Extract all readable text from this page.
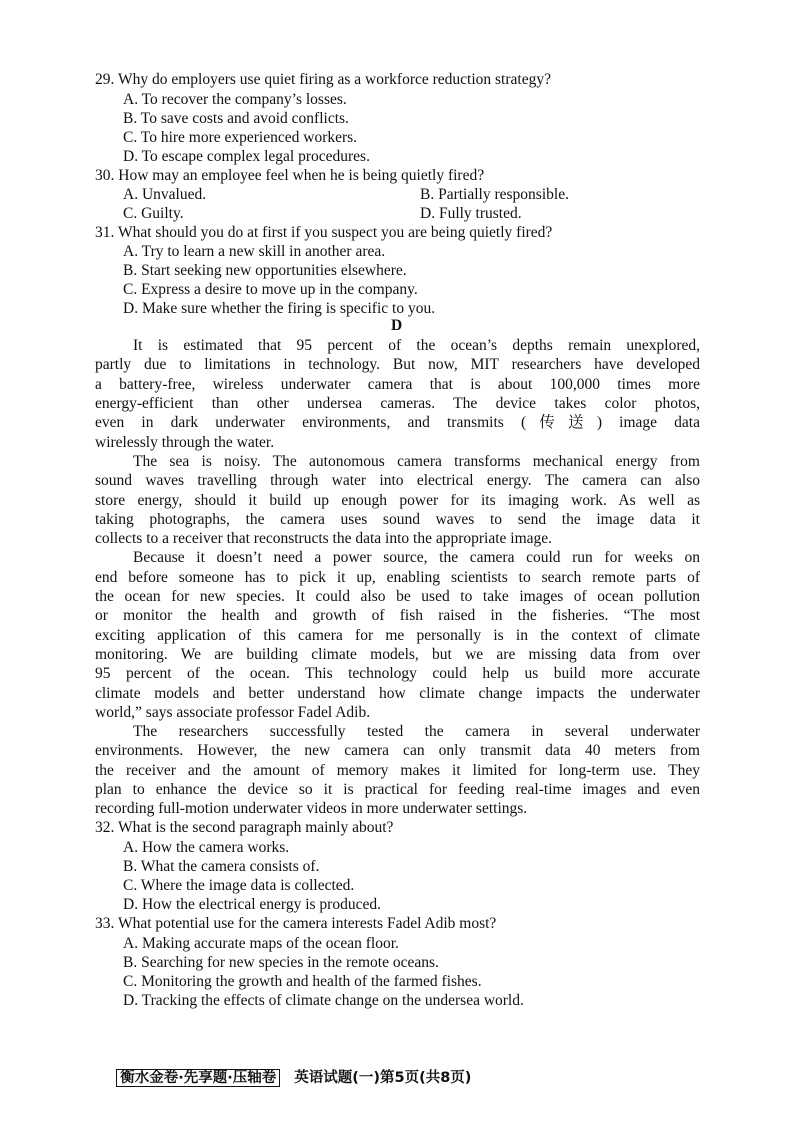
29. Why do employers use quiet firing as a workforce reduction strategy?
A. To recover the company’s losses.
B. To save costs and avoid conflicts.
C. To hire more experienced workers.
D. To escape complex legal procedures.
30. How may an employee feel when he is being quietly fired?
A. Unvalued.	B. Partially responsible.
C. Guilty.	D. Fully trusted.
31. What should you do at first if you suspect you are being quietly fired?
A. Try to learn a new skill in another area.
B. Start seeking new opportunities elsewhere.
C. Express a desire to move up in the company.
D. Make sure whether the firing is specific to you.
D
It is estimated that 95 percent of the ocean’s depths remain unexplored,
partly due to limitations in technology. But now, MIT researchers have developed
a battery-free, wireless underwater camera that is about 100,000 times more
energy-efficient than other undersea cameras. The device takes color photos,
even in dark underwater environments, and transmits (传送) image data
wirelessly through the water.
The sea is noisy. The autonomous camera transforms mechanical energy from
sound waves travelling through water into electrical energy. The camera can also
store energy, should it build up enough power for its imaging work. As well as
taking photographs, the camera uses sound waves to send the image data it
collects to a receiver that reconstructs the data into the appropriate image.
Because it doesn’t need a power source, the camera could run for weeks on
end before someone has to pick it up, enabling scientists to search remote parts of
the ocean for new species. It could also be used to take images of ocean pollution
or monitor the health and growth of fish raised in the fisheries. “The most
exciting application of this camera for me personally is in the context of climate
monitoring. We are building climate models, but we are missing data from over
95 percent of the ocean. This technology could help us build more accurate
climate models and better understand how climate change impacts the underwater
world,” says associate professor Fadel Adib.
The researchers successfully tested the camera in several underwater
environments. However, the new camera can only transmit data 40 meters from
the receiver and the amount of memory makes it limited for long-term use. They
plan to enhance the device so it is practical for feeding real-time images and even
recording full-motion underwater videos in more underwater settings.
32. What is the second paragraph mainly about?
A. How the camera works.
B. What the camera consists of.
C. Where the image data is collected.
D. How the electrical energy is produced.
33. What potential use for the camera interests Fadel Adib most?
A. Making accurate maps of the ocean floor.
B. Searching for new species in the remote oceans.
C. Monitoring the growth and health of the farmed fishes.
D. Tracking the effects of climate change on the undersea world.

衡水金卷·先享题·压轴卷 英语试题(一)第5页(共8页)
